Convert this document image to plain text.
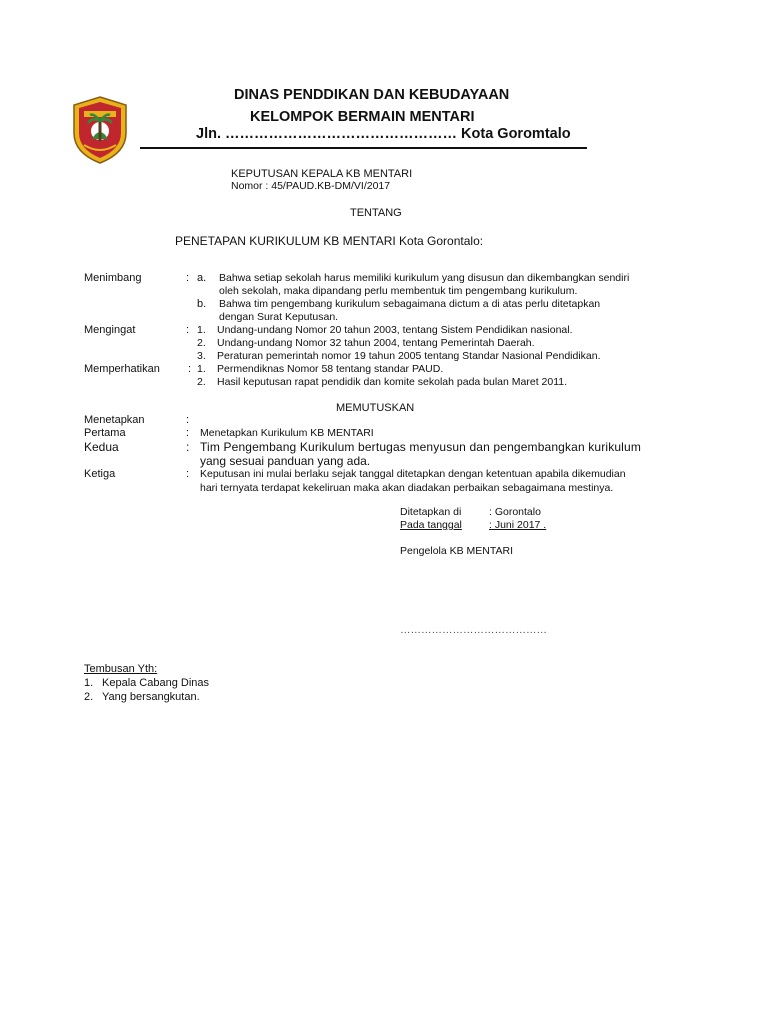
DINAS PENDDIKAN DAN KEBUDAYAAN
KELOMPOK BERMAIN MENTARI
Jln. ………………………………………… Kota Goromtalo
KEPUTUSAN KEPALA KB MENTARI
Nomor : 45/PAUD.KB-DM/VI/2017
TENTANG
PENETAPAN KURIKULUM KB MENTARI Kota Gorontalo:
Menimbang	: a. Bahwa setiap sekolah harus memiliki kurikulum yang disusun dan dikembangkan sendiri
oleh sekolah, maka dipandang perlu membentuk tim pengembang kurikulum.
b. Bahwa tim pengembang kurikulum sebagaimana dictum a di atas perlu ditetapkan
dengan Surat Keputusan.
Mengingat	: 1. Undang-undang Nomor 20 tahun 2003, tentang Sistem Pendidikan nasional.
2. Undang-undang Nomor 32 tahun 2004, tentang Pemerintah Daerah.
3. Peraturan pemerintah nomor 19 tahun 2005 tentang Standar Nasional Pendidikan.
Memperhatikan	: 1. Permendiknas Nomor 58 tentang standar PAUD.
2. Hasil keputusan rapat pendidik dan komite sekolah pada bulan Maret 2011.
MEMUTUSKAN
Menetapkan	:
Pertama	: Menetapkan Kurikulum KB MENTARI
Kedua	: Tim Pengembang Kurikulum bertugas menyusun dan pengembangkan kurikulum
yang sesuai panduan yang ada.
Ketiga	: Keputusan ini mulai berlaku sejak tanggal ditetapkan dengan ketentuan apabila dikemudian
hari ternyata terdapat kekeliruan maka akan diadakan perbaikan sebagaimana mestinya.
Ditetapkan di	: Gorontalo
Pada tanggal	: Juni 2017 .
Pengelola KB MENTARI
……………………………………
Tembusan Yth:
1. Kepala Cabang Dinas
2. Yang bersangkutan.
